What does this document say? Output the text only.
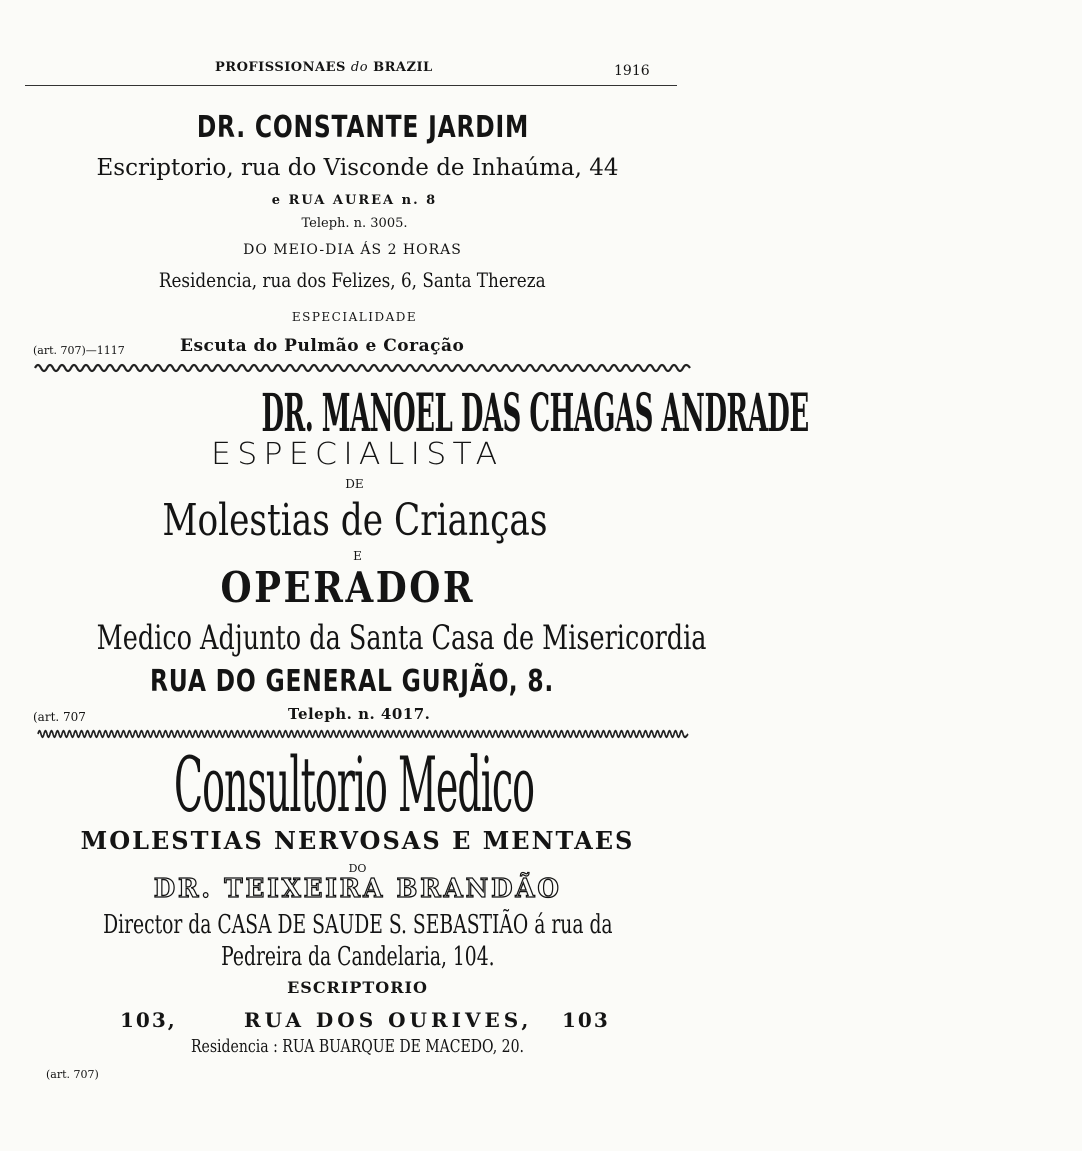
PROFISSIONAES do BRAZIL	1916
DR. CONSTANTE JARDIM
Escriptorio, rua do Visconde de Inhaúma, 44
e RUA AUREA n. 8
Teleph. n. 3005.
DO MEIO-DIA ÁS 2 HORAS
Residencia, rua dos Felizes, 6, Santa Thereza
ESPECIALIDADE
(art. 707)—1117	Escuta do Pulmão e Coração
DR. MANOEL DAS CHAGAS ANDRADE
ESPECIALISTA
DE
Molestias de Crianças
E
OPERADOR
Medico Adjunto da Santa Casa de Misericordia
RUA DO GENERAL GURJÃO, 8.
(art. 707	Teleph. n. 4017.
Consultorio Medico
MOLESTIAS NERVOSAS E MENTAES
DO
DR. TEIXEIRA BRANDÃO
Director da CASA DE SAUDE S. SEBASTIÃO á rua da
Pedreira da Candelaria, 104.
ESCRIPTORIO
103,	RUA DOS OURIVES, 103
Residencia : RUA BUARQUE DE MACEDO, 20.
(art. 707)
